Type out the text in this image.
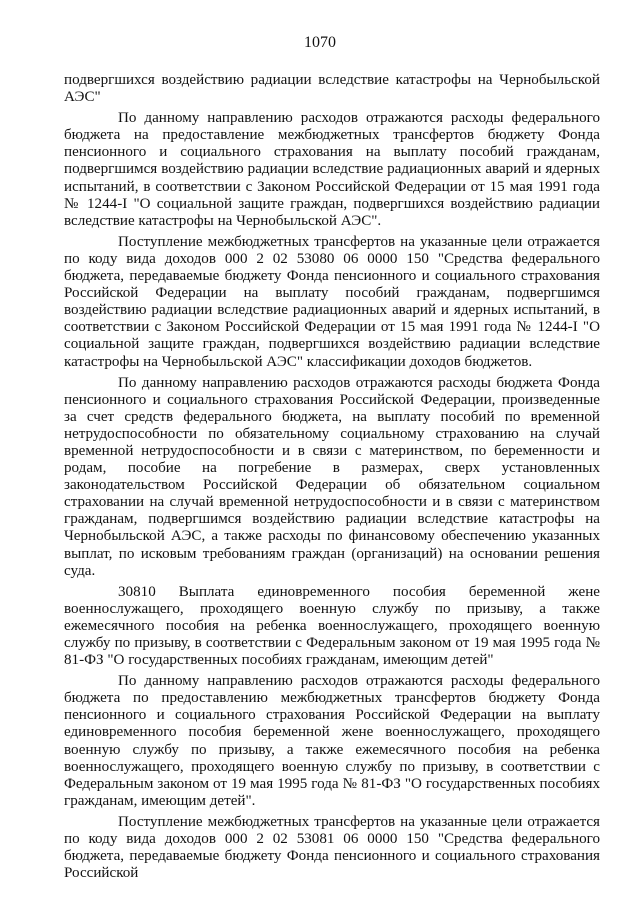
1070

подвергшихся воздействию радиации вследствие катастрофы на Чернобыльской АЭС"

По данному направлению расходов отражаются расходы федерального бюджета на предоставление межбюджетных трансфертов бюджету Фонда пенсионного и социального страхования на выплату пособий гражданам, подвергшимся воздействию радиации вследствие радиационных аварий и ядерных испытаний, в соответствии с Законом Российской Федерации от 15 мая 1991 года № 1244-I "О социальной защите граждан, подвергшихся воздействию радиации вследствие катастрофы на Чернобыльской АЭС".

Поступление межбюджетных трансфертов на указанные цели отражается по коду вида доходов 000 2 02 53080 06 0000 150 "Средства федерального бюджета, передаваемые бюджету Фонда пенсионного и социального страхования Российской Федерации на выплату пособий гражданам, подвергшимся воздействию радиации вследствие радиационных аварий и ядерных испытаний, в соответствии с Законом Российской Федерации от 15 мая 1991 года № 1244-I "О социальной защите граждан, подвергшихся воздействию радиации вследствие катастрофы на Чернобыльской АЭС" классификации доходов бюджетов.

По данному направлению расходов отражаются расходы бюджета Фонда пенсионного и социального страхования Российской Федерации, произведенные за счет средств федерального бюджета, на выплату пособий по временной нетрудоспособности по обязательному социальному страхованию на случай временной нетрудоспособности и в связи с материнством, по беременности и родам, пособие на погребение в размерах, сверх установленных законодательством Российской Федерации об обязательном социальном страховании на случай временной нетрудоспособности и в связи с материнством гражданам, подвергшимся воздействию радиации вследствие катастрофы на Чернобыльской АЭС, а также расходы по финансовому обеспечению указанных выплат, по исковым требованиям граждан (организаций) на основании решения суда.

30810 Выплата единовременного пособия беременной жене

военнослужащего, проходящего военную службу по призыву, а также ежемесячного пособия на ребенка военнослужащего, проходящего военную службу по призыву, в соответствии с Федеральным законом от 19 мая 1995 года № 81-ФЗ "О государственных пособиях гражданам, имеющим детей"

По данному направлению расходов отражаются расходы федерального бюджета по предоставлению межбюджетных трансфертов бюджету Фонда пенсионного и социального страхования Российской Федерации на выплату единовременного пособия беременной жене военнослужащего, проходящего военную службу по призыву, а также ежемесячного пособия на ребенка военнослужащего, проходящего военную службу по призыву, в соответствии с Федеральным законом от 19 мая 1995 года № 81-ФЗ "О государственных пособиях гражданам, имеющим детей".

Поступление межбюджетных трансфертов на указанные цели отражается по коду вида доходов 000 2 02 53081 06 0000 150 "Средства федерального бюджета, передаваемые бюджету Фонда пенсионного и социального страхования Российской
